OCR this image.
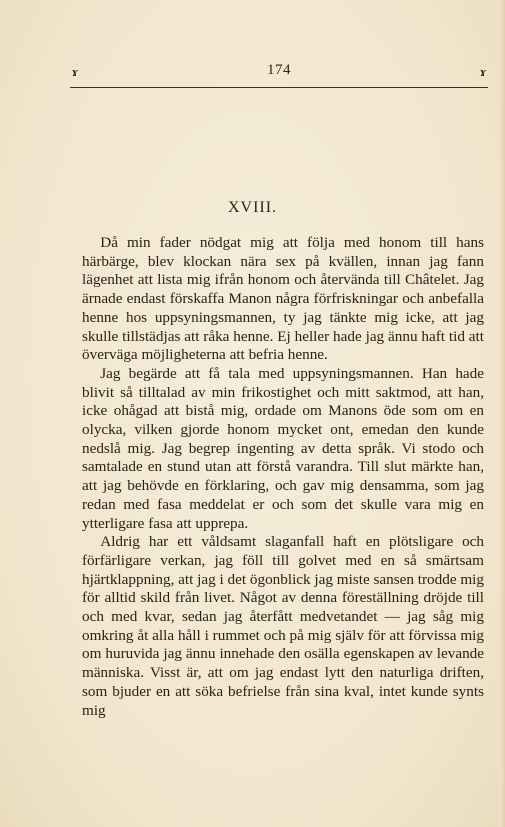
ɤ	174	ɤ
XVIII.

Då min fader nödgat mig att följa med honom till hans härbärge, blev klockan nära sex på kvällen, innan jag fann lägenhet att lista mig ifrån honom och återvända till Châtelet. Jag ärnade endast förskaffa Manon några förfriskningar och anbefalla henne hos uppsyningsmannen, ty jag tänkte mig icke, att jag skulle tillstädjas att råka henne. Ej heller hade jag ännu haft tid att överväga möjligheterna att befria henne.

Jag begärde att få tala med uppsyningsmannen. Han hade blivit så tilltalad av min frikostighet och mitt saktmod, att han, icke ohågad att bistå mig, ordade om Manons öde som om en olycka, vilken gjorde honom mycket ont, emedan den kunde nedslå mig. Jag begrep ingenting av detta språk. Vi stodo och samtalade en stund utan att förstå varandra. Till slut märkte han, att jag behövde en förklaring, och gav mig densamma, som jag redan med fasa meddelat er och som det skulle vara mig en ytterligare fasa att upprepa.

Aldrig har ett våldsamt slaganfall haft en plötsligare och förfärligare verkan, jag föll till golvet med en så smärtsam hjärtklappning, att jag i det ögonblick jag miste sansen trodde mig för alltid skild från livet. Något av denna föreställning dröjde till och med kvar, sedan jag återfått medvetandet — jag såg mig omkring åt alla håll i rummet och på mig själv för att förvissa mig om huruvida jag ännu innehade den osälla egenskapen av levande människa. Visst är, att om jag endast lytt den naturliga driften, som bjuder en att söka befrielse från sina kval, intet kunde synts mig
